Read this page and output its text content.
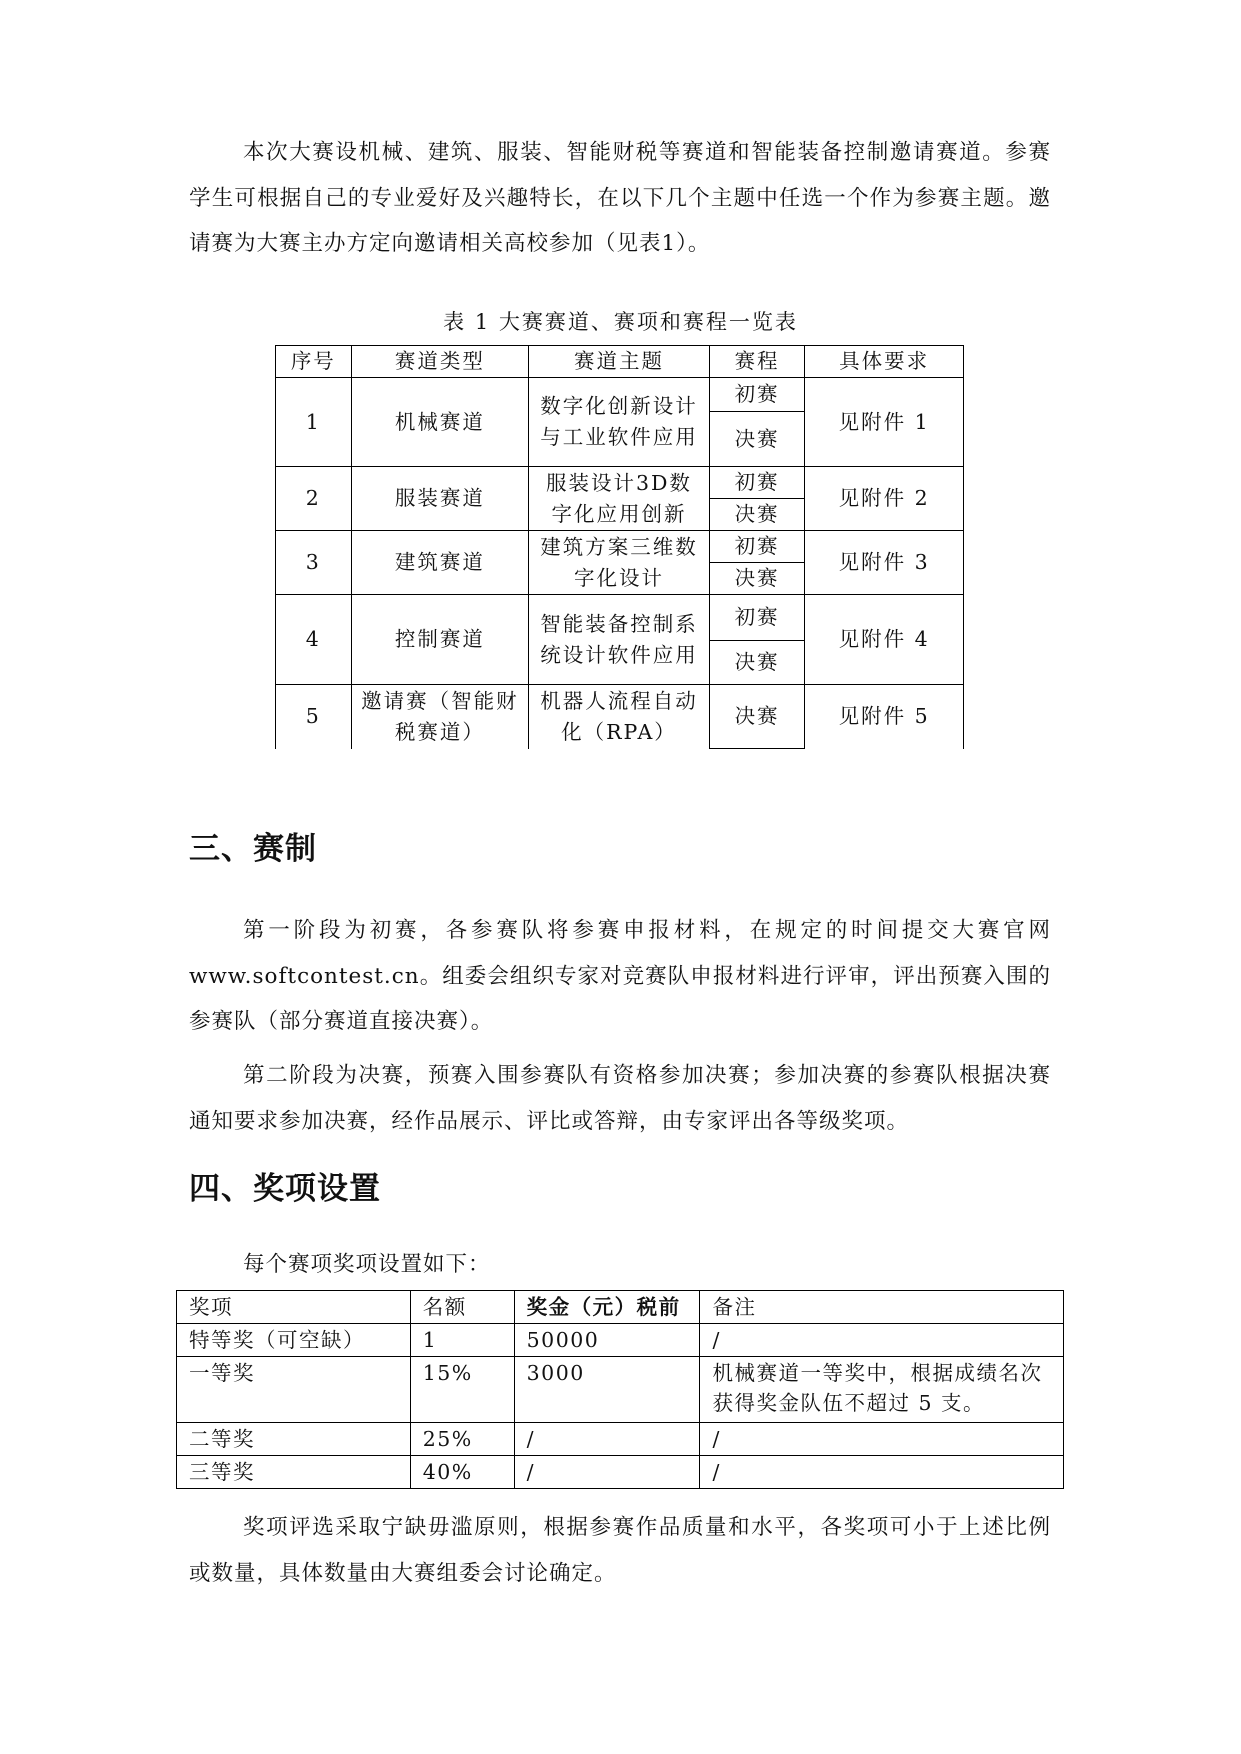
本次大赛设机械、建筑、服装、智能财税等赛道和智能装备控制邀请赛道。参赛学生可根据自己的专业爱好及兴趣特长，在以下几个主题中任选一个作为参赛主题。邀请赛为大赛主办方定向邀请相关高校参加（见表1）。

表 1 大赛赛道、赛项和赛程一览表

序号	赛道类型	赛道主题	赛程	具体要求
1	机械赛道	数字化创新设计与工业软件应用	初赛	见附件 1
			决赛	
2	服装赛道	服装设计3D数字化应用创新	初赛	见附件 2
			决赛	
3	建筑赛道	建筑方案三维数字化设计	初赛	见附件 3
			决赛	
4	控制赛道	智能装备控制系统设计软件应用	初赛	见附件 4
			决赛	
5	邀请赛（智能财税赛道）	机器人流程自动化（RPA）	决赛	见附件 5
三、赛制

第一阶段为初赛，各参赛队将参赛申报材料，在规定的时间提交大赛官网www.softcontest.cn。组委会组织专家对竞赛队申报材料进行评审，评出预赛入围的参赛队（部分赛道直接决赛）。

第二阶段为决赛，预赛入围参赛队有资格参加决赛；参加决赛的参赛队根据决赛通知要求参加决赛，经作品展示、评比或答辩，由专家评出各等级奖项。

四、奖项设置

每个赛项奖项设置如下：

奖项	名额	奖金（元）税前	备注
特等奖（可空缺）	1	50000	/
一等奖	15%	3000	机械赛道一等奖中，根据成绩名次获得奖金队伍不超过 5 支。
二等奖	25%	/	/
三等奖	40%	/	/

奖项评选采取宁缺毋滥原则，根据参赛作品质量和水平，各奖项可小于上述比例或数量，具体数量由大赛组委会讨论确定。
